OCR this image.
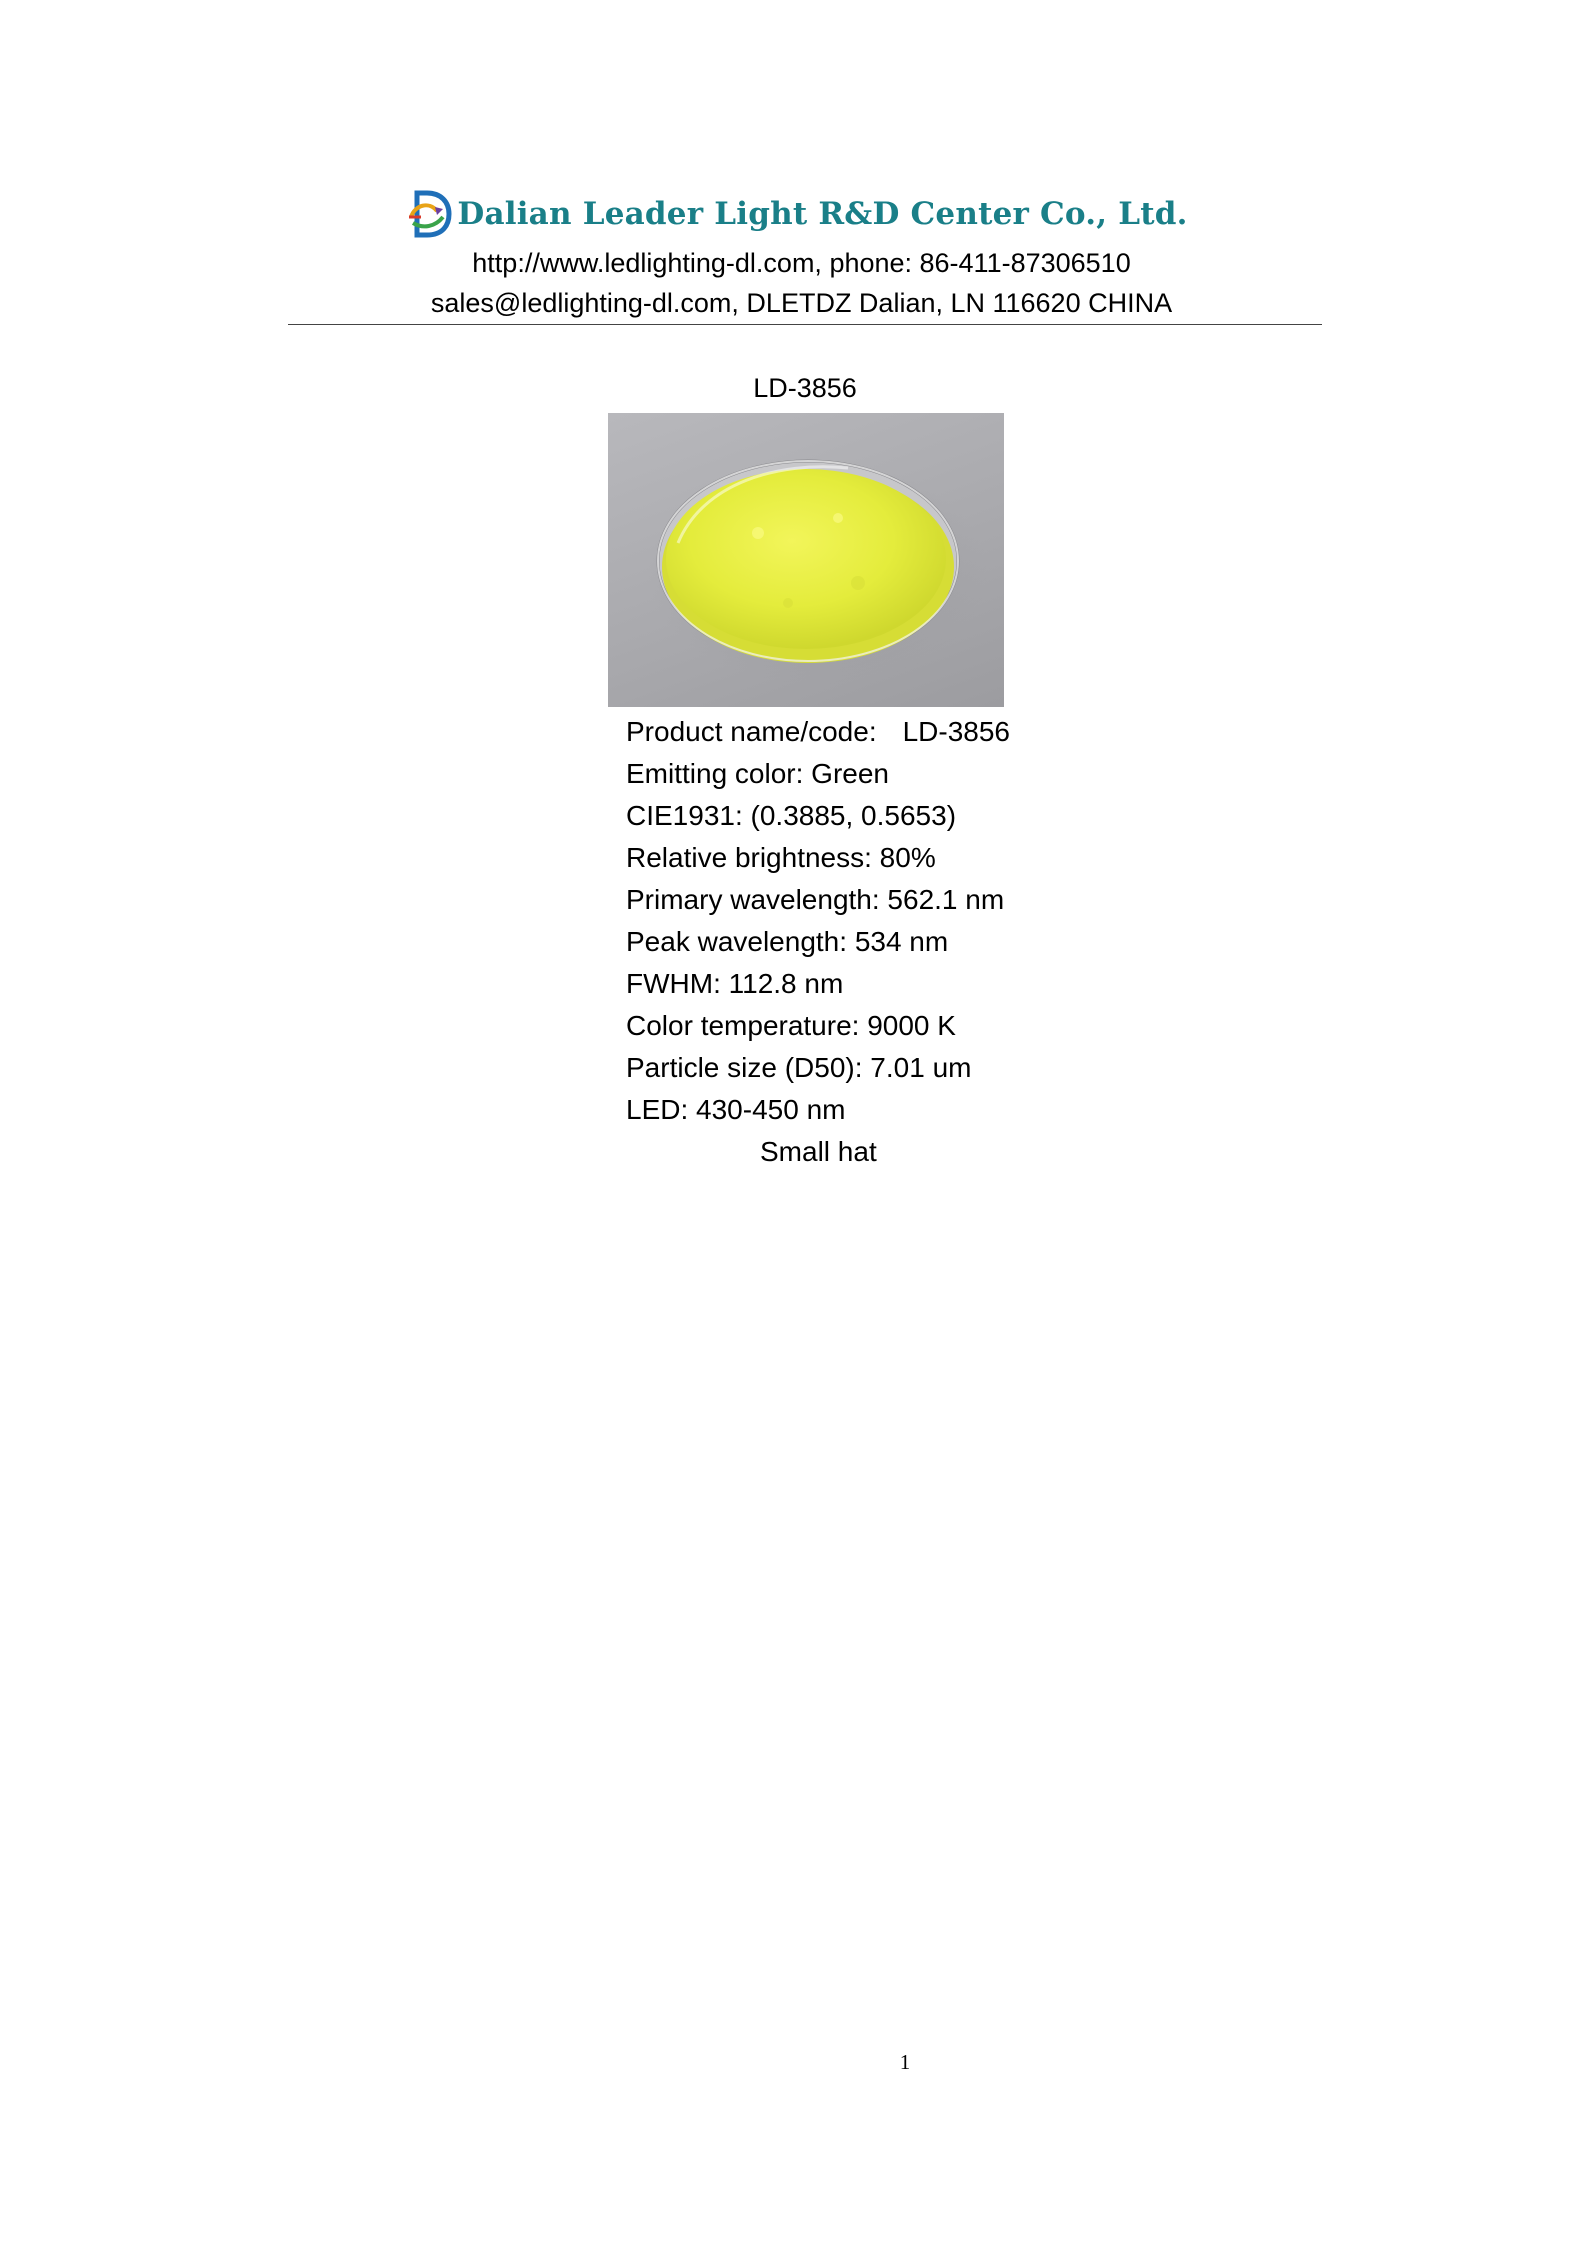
Dalian Leader Light R&D Center Co., Ltd.
http://www.ledlighting-dl.com, phone: 86-411-87306510
sales@ledlighting-dl.com, DLETDZ Dalian, LN 116620 CHINA
LD-3856
Product name/code: LD-3856
Emitting color: Green
CIE1931: (0.3885, 0.5653)
Relative brightness: 80%
Primary wavelength: 562.1 nm
Peak wavelength: 534 nm
FWHM: 112.8 nm
Color temperature: 9000 K
Particle size (D50): 7.01 um
LED: 430-450 nm
Small hat
1
